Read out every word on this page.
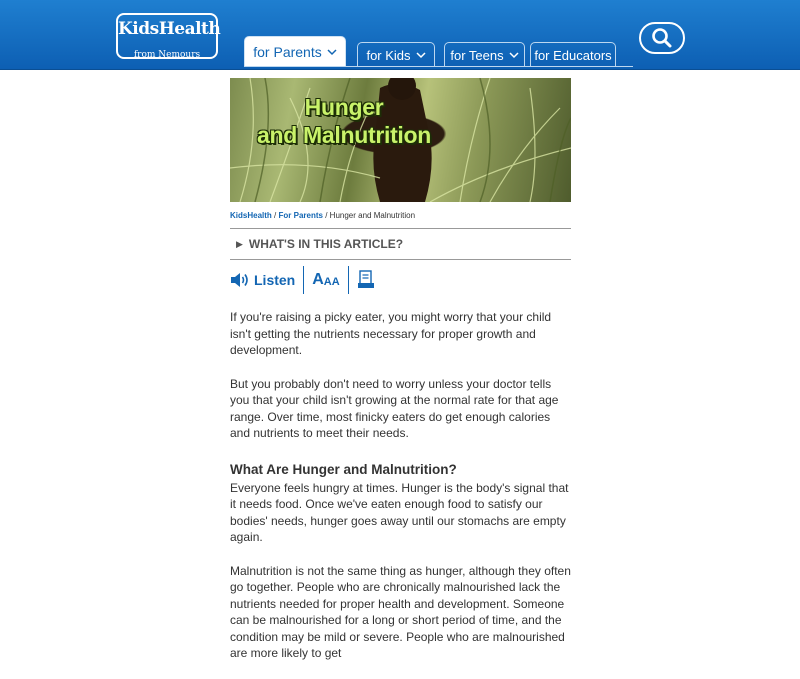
KidsHealth
from Nemours	for Parents	for Kids	for Teens for Educators
Hunger
and Malnutrition
KidsHealth / For Parents / Hunger and Malnutrition
▶ WHAT'S IN THIS ARTICLE?
Listen A AA

If you're raising a picky eater, you might worry that your child isn't getting the nutrients necessary for proper growth and development.

But you probably don't need to worry unless your doctor tells you that your child isn't growing at the normal rate for that age range. Over time, most finicky eaters do get enough calories and nutrients to meet their needs.

What Are Hunger and Malnutrition?

Everyone feels hungry at times. Hunger is the body's signal that it needs food. Once we've eaten enough food to satisfy our bodies' needs, hunger goes away until our stomachs are empty again.

Malnutrition is not the same thing as hunger, although they often go together. People who are chronically malnourished lack the nutrients needed for proper health and development. Someone can be malnourished for a long or short period of time, and the condition may be mild or severe. People who are malnourished are more likely to get
